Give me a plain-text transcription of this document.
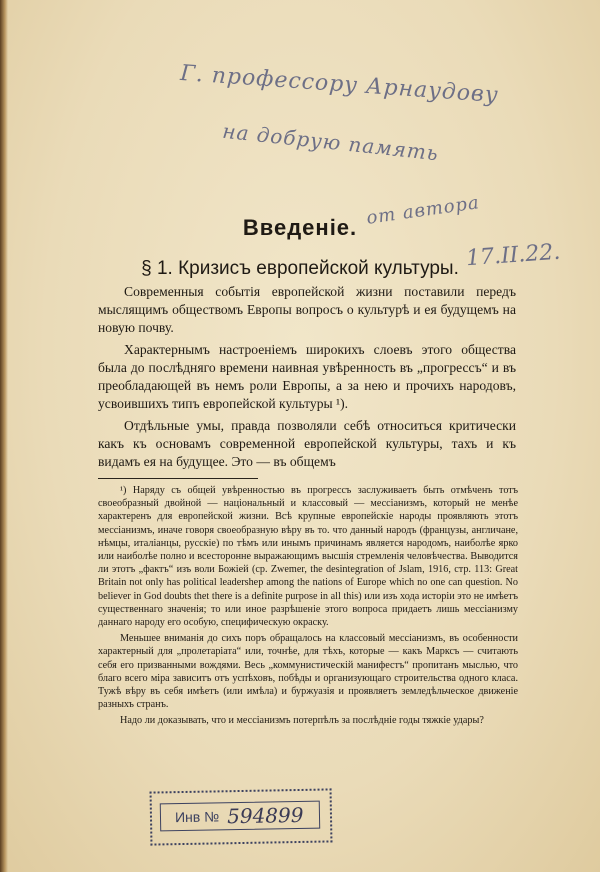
Г. профессору Арнаудову
на добрую память
от автора
17.II.22.
Введеніе.
§ 1. Кризисъ европейской культуры.

Современныя событія европейской жизни поставили передъ мыслящимъ обществомъ Европы вопросъ о культурѣ и ея будущемъ на новую почву.

Характернымъ настроеніемъ широкихъ слоевъ этого общества была до послѣдняго времени наивная увѣренность въ „прогрессъ“ и въ преобладающей въ немъ роли Европы, а за нею и прочихъ народовъ, усвоившихъ типъ европейской культуры ¹).

Отдѣльные умы, правда позволяли себѣ относиться критически какъ къ основамъ современной европейской культуры, тахъ и къ видамъ ея на будущее. Это — въ общемъ

¹) Наряду съ общей увѣренностью въ прогрессъ заслуживаетъ быть отмѣченъ тотъ своеобразный двойной — національный и классовый — мессіанизмъ, который не менѣе характеренъ для европейской жизни. Всѣ крупные европейскіе народы проявляють этотъ мессіанизмъ, иначе говоря своеобразную вѣру въ то. что данный народъ (французы, англичане, нѣмцы, италіанцы, русскіе) по тѣмъ или инымъ причинамъ является народомъ, наиболѣе ярко или наиболѣе полно и всесторонне выражающимъ высшія стремленія человѣчества. Выводится ли этотъ „фактъ“ изъ воли Божіей (ср. Zwemer, the desintegration of Jslam, 1916, стр. 113: Great Britain not only has political leadershep among the nations of Europe which no one can question. No believer in God doubts thet there is a definite purpose in all this) или изъ хода исторіи это не имѣетъ существеннаго значенія; то или иное разрѣшеніе этого вопроса придаетъ лишь мессіанизму даннаго народу его особую, специфическую окраску.

Меньшее вниманія до сихъ поръ обращалось на классовый мессіанизмъ, въ особенности характерный для „пролетаріата“ или, точнѣе, для тѣхъ, которые — какъ Марксъ — считають себя его призванными вождями. Весь „коммунистическій манифестъ“ пропитанъ мыслью, что благо всего міра зависитъ отъ успѣховъ, побѣды и организующаго строительства одного класа. Тужѣ вѣру въ себя имѣетъ (или имѣла) и буржуазія и проявляетъ земледѣльческое движеніе разныхъ странъ.

Надо ли доказывать, что и мессіанизмъ потерпѣлъ за послѣдніе годы тяжкіе удары?

Инв № 594899
